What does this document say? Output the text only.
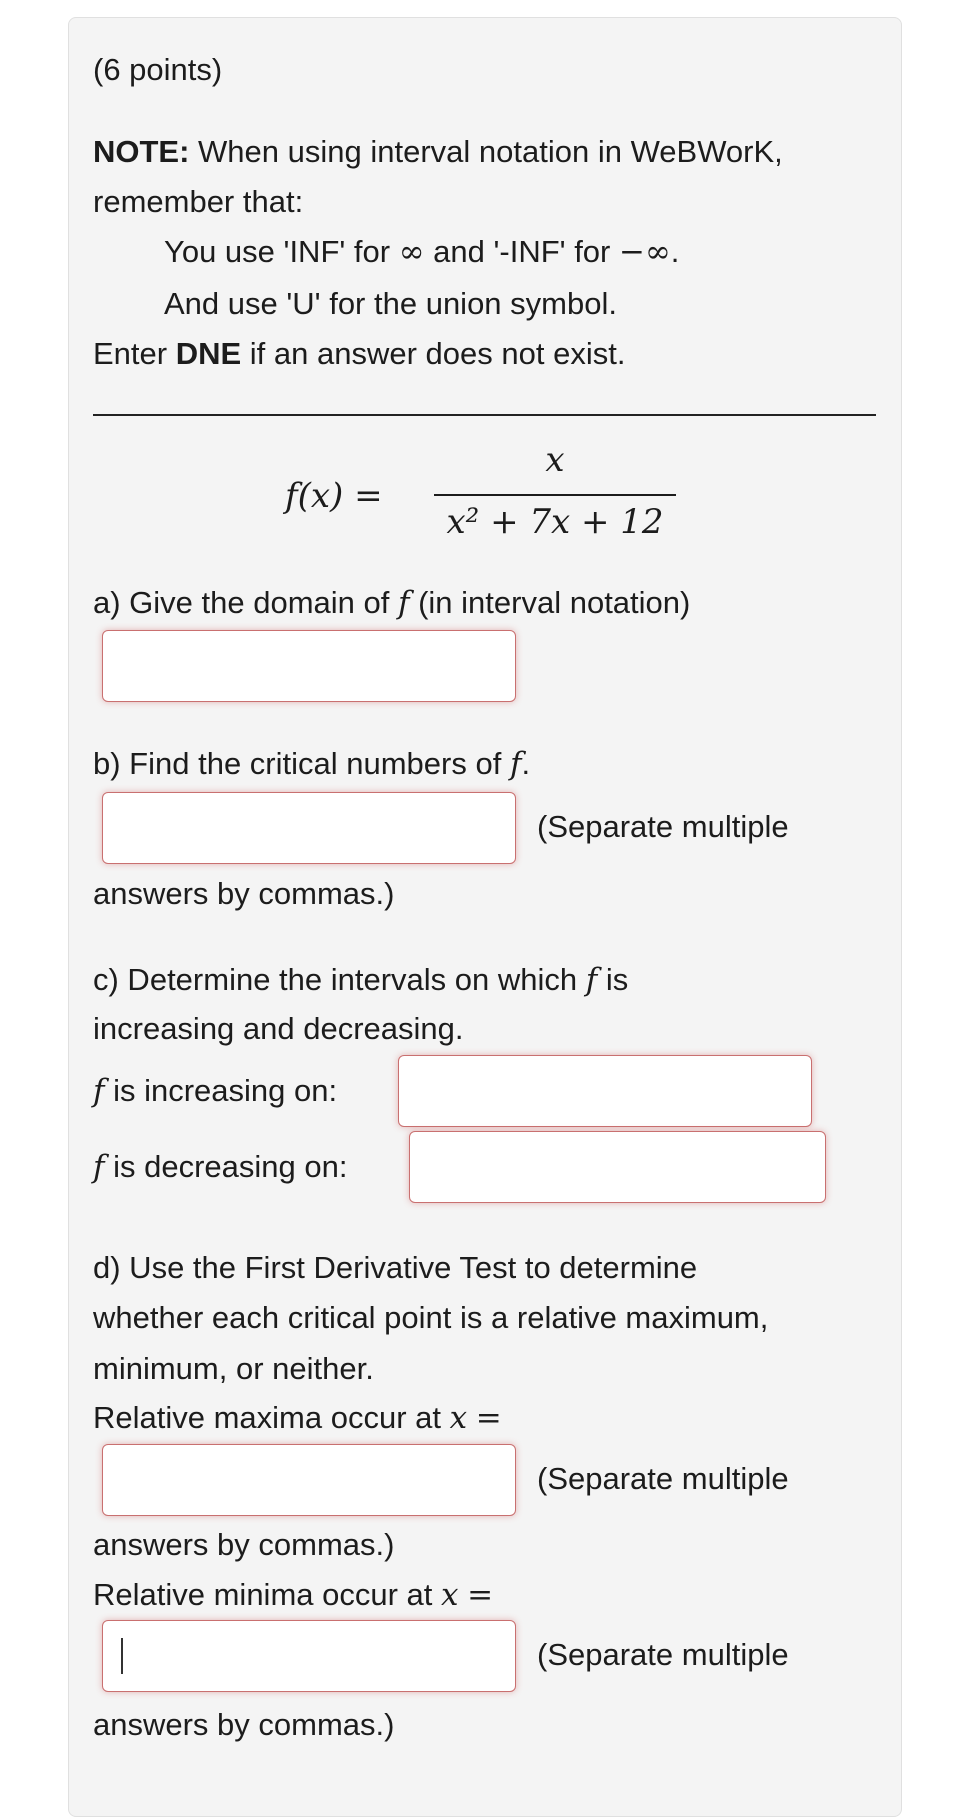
(6 points)
NOTE: When using interval notation in WeBWorK,
remember that:
You use 'INF' for ∞ and '-INF' for −∞.
And use 'U' for the union symbol.
Enter DNE if an answer does not exist.
f(x) =
x
x² + 7x + 12
a) Give the domain of f (in interval notation)
b) Find the critical numbers of f.
(Separate multiple
answers by commas.)
c) Determine the intervals on which f is
increasing and decreasing.
f is increasing on:
f is decreasing on:
d) Use the First Derivative Test to determine
whether each critical point is a relative maximum,
minimum, or neither.
Relative maxima occur at x =
(Separate multiple
answers by commas.)
Relative minima occur at x =
(Separate multiple
answers by commas.)
